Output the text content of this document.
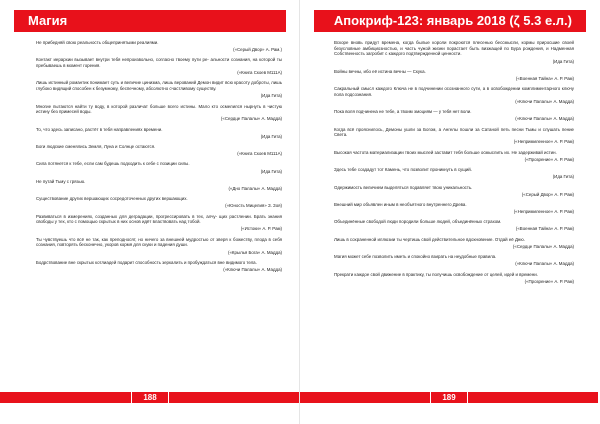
Магия
Не прибедняй свою реальность общепринятыми реалиями.
(«Серый Двор» А. Рам.)
Контакт иерархии вызывает внутри тебя непроизвольно, согласно твоему пути ре- альности сознания, на которой ты пребываешь в момент горения.
(«Книга Скоев М111А)
Лишь истинный романтик понимает суть и величие цинизма, лишь верований Демон видит всю красоту доброты, лишь глубоко видящий способен к безумному, беспечному, абсолютно счастливому существу.
(Ида Гита)
Многие пытаются найти ту воду, в которой различат больше всего истины. Мало кто осмелился нырнуть в чистую истину без примесей воды.
(«Сердце Палалы» А. Мадда)
То, что здесь записано, растёт в тебя направлениях времени.
(Ида Гита)
Боги людские сменялись Земля, Луна и Солнце остаются.
(«Книга Скоев М111А)
Сила потянется к тебе, если сам будешь подходить к себе с позиции силы.
(Ида Гита)
Не путай Тьму с грязью.
(«Дно Палалы» А. Мадда)
Существование других вершающих сосредоточенных других вершающих.
(«Юность Мицелия» З. Зоя)
Развиваться в измерениях, созданных для деградации, прогрессировать в тех, алчу- щих растлении. Брать знания свободы у тех, кто с помощью скрытых в них основ идёт властвовать над тобой.
(«Истоки» А. Р. Рам)
Ты чувствуешь что всё не так, как преподносят, но ничего за внешней мудростью от зверя к божеству, плода в себя сознания, повторять бесконечно, укоров кормя для скуки и падения души.
(«Крылья Бога» А. Мадда)
Бодрствование вне скрытых котлиадей подарит способность зеркалить и пробуждаться вне видимого тела.
(«Ключи Палалы» А. Мадда)
188
Апокриф-123: январь 2018 (ζ 5.3 е.л.)
Вскоре вновь придут времена, когда былые короли покроются плесенью бессмысли, кормы приросшие своей безусловные амбициозностью, и часть чужой жизни порастает быть визжащей по Бура рождения, и Надменная Собственность загробит с каждого подтвержденной ценности.
(Ида Гита)
Войны вечны, ибо её истина вечны — Скука.
(«Военная Тайна» А. Р. Рам)
Сакральный смысл каждого Ключа не в подчинении осознанного сути, а в освобождении комплиментарного ключу пола подсознания.
(«Ключи Палалы» А. Мадда)
Пока воля подчинена не тебе, а твоим эмоциям — у тебя нет воли.
(«Ключи Палалы» А. Мадда)
Когда всё прояснилось, Демоны ушли за Богом, а Ангелы пошли за Сатаной петь песни Тьмы и слушать пение Света.
(«Непримиленное» А. Р. Рам)
Высокая частота материализации твоих мыслей заставит тебя больше осмыслить их. Не задерживай истин.
(«Прозрение» А. Р. Рам)
Здесь тебе создадут тот Камень, что позволит проникнуть в сущий.
(Ида Гита)
Одержимость величием выделяться подавляет твою уникальность.
(«Серый Двор» А. Р. Рам)
Внешний мир объявлен иным в необъятного внутреннего Древа.
(«Непримиленное» А. Р. Рам)
Объединённые свободой люди породили больше людей, объединённых страхом.
(«Военная Тайна» А. Р. Рам)
Лишь в сохраненной иллюзии ты чертишь свой действительное вдохновение. Отдай её Дню.
(«Сердце Палалы» А. Мадда)
Магия может себе позволить иметь и спокойно взирать на неудобные правила.
(«Ключи Палалы» А. Мадда)
Прекрати каждое свой движение в практику, ты получишь освобождение от целей, идей и времени.
(«Прозрение» А. Р. Рам)
189
